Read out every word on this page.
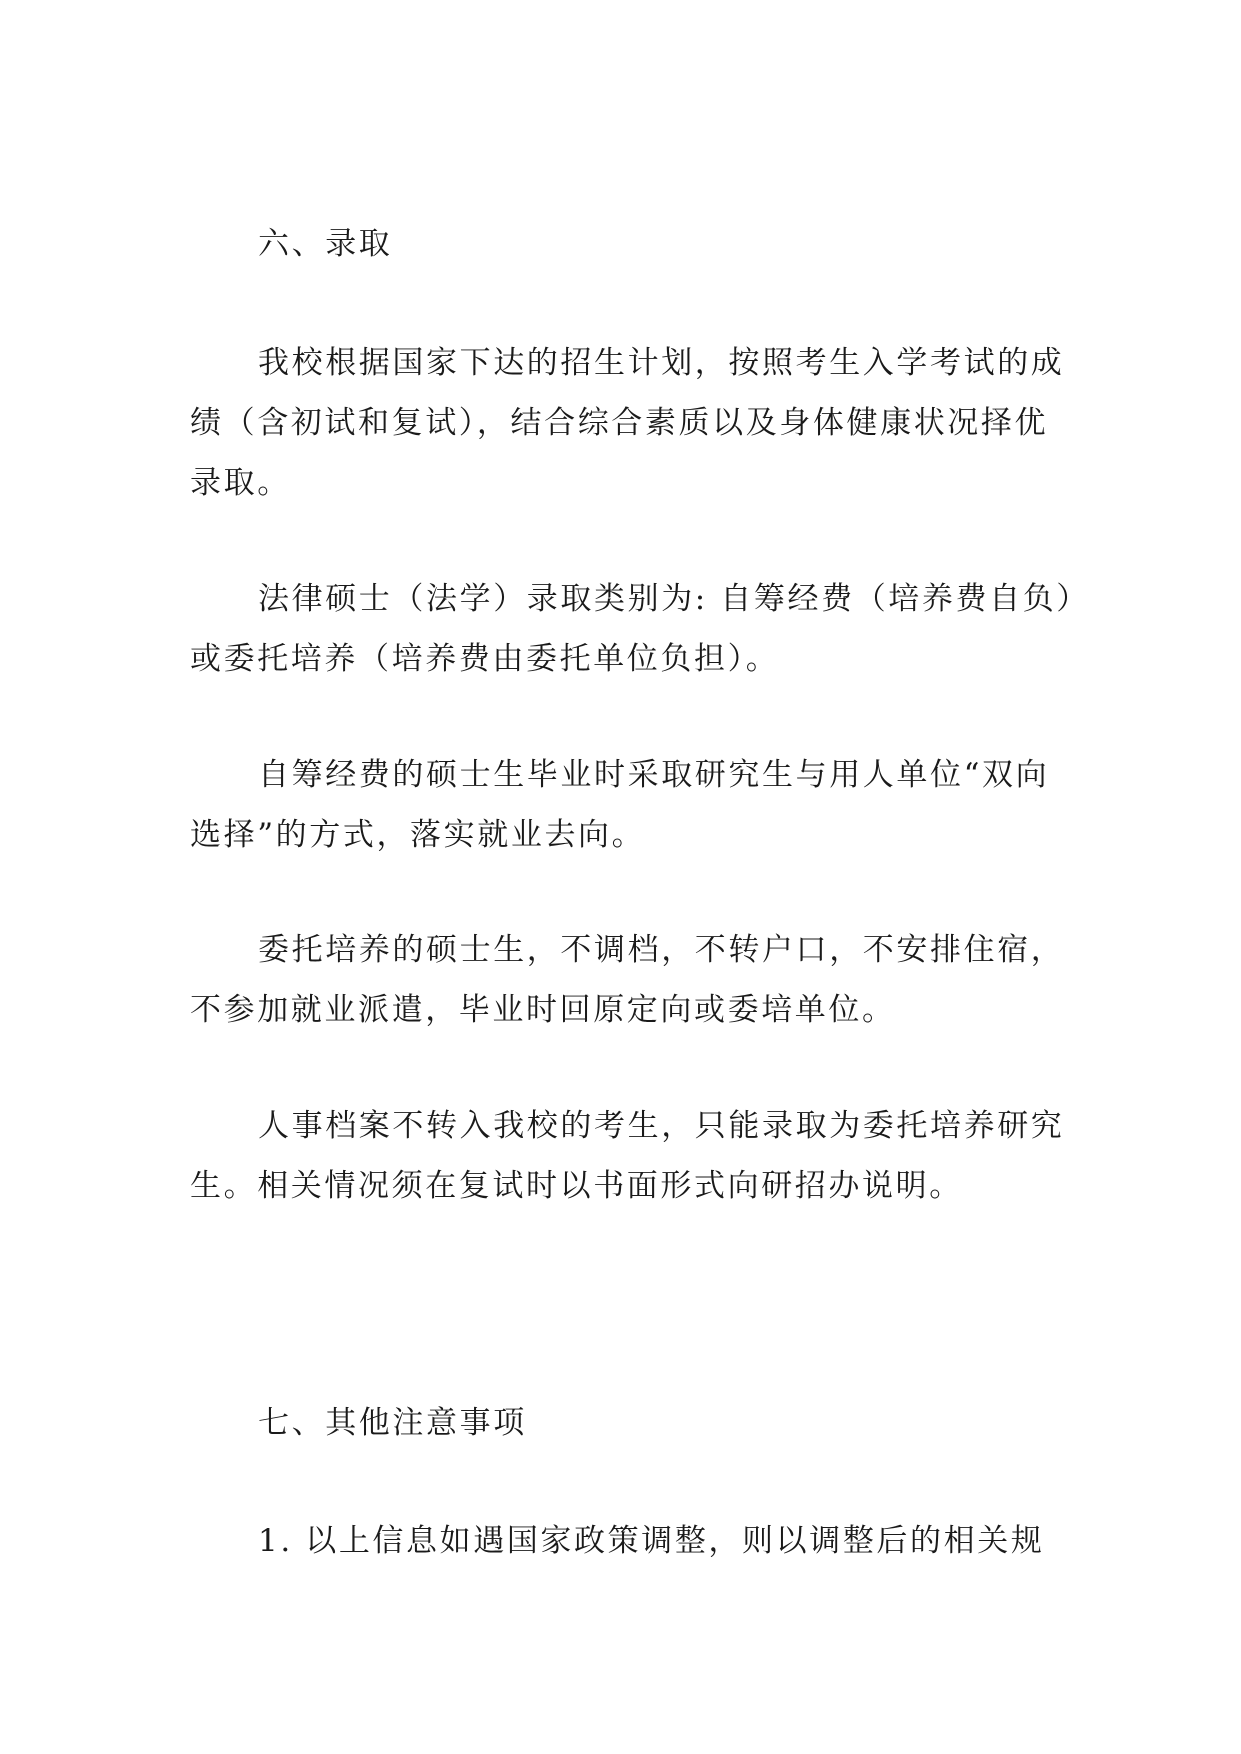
六、录取
我校根据国家下达的招生计划，按照考生入学考试的成
绩（含初试和复试），结合综合素质以及身体健康状况择优
录取。
法律硕士（法学）录取类别为: 自筹经费（培养费自负）
或委托培养（培养费由委托单位负担）。
自筹经费的硕士生毕业时采取研究生与用人单位“双向
选择”的方式，落实就业去向。
委托培养的硕士生，不调档，不转户口，不安排住宿，
不参加就业派遣，毕业时回原定向或委培单位。
人事档案不转入我校的考生，只能录取为委托培养研究
生。相关情况须在复试时以书面形式向研招办说明。
七、其他注意事项
1. 以上信息如遇国家政策调整，则以调整后的相关规
